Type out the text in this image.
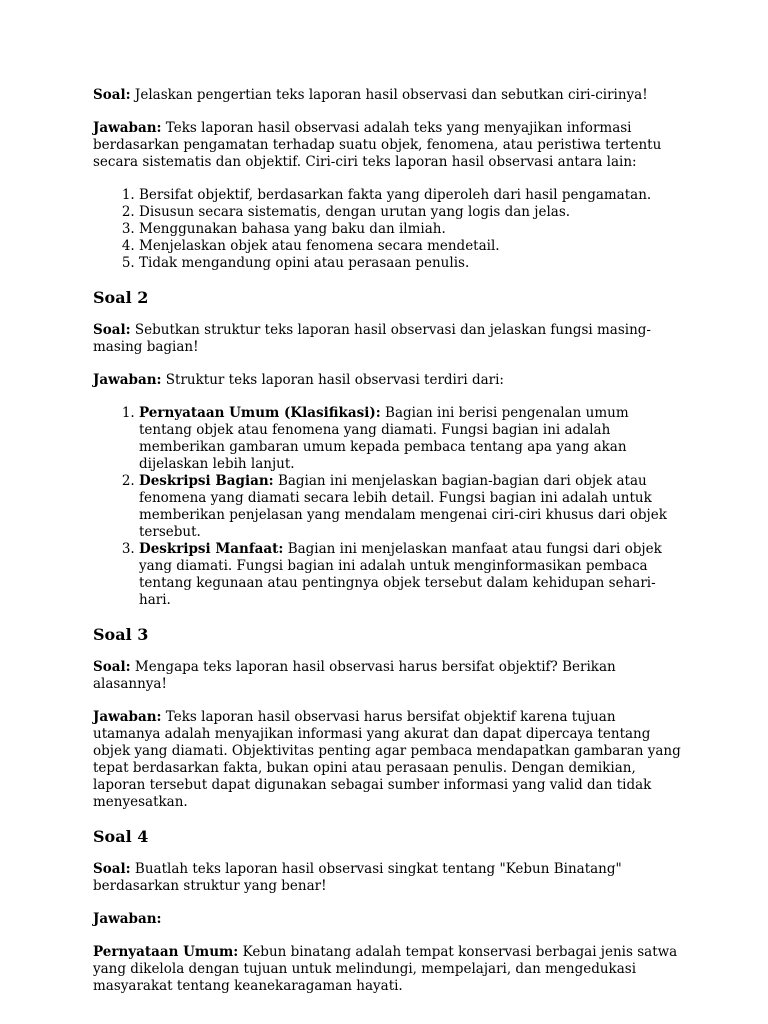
Soal: Jelaskan pengertian teks laporan hasil observasi dan sebutkan ciri-cirinya!

Jawaban: Teks laporan hasil observasi adalah teks yang menyajikan informasi berdasarkan pengamatan terhadap suatu objek, fenomena, atau peristiwa tertentu secara sistematis dan objektif. Ciri-ciri teks laporan hasil observasi antara lain:

1. Bersifat objektif, berdasarkan fakta yang diperoleh dari hasil pengamatan.
2. Disusun secara sistematis, dengan urutan yang logis dan jelas.
3. Menggunakan bahasa yang baku dan ilmiah.
4. Menjelaskan objek atau fenomena secara mendetail.
5. Tidak mengandung opini atau perasaan penulis.
Soal 2

Soal: Sebutkan struktur teks laporan hasil observasi dan jelaskan fungsi masing-masing bagian!

Jawaban: Struktur teks laporan hasil observasi terdiri dari:

1. Pernyataan Umum (Klasifikasi): Bagian ini berisi pengenalan umum tentang objek atau fenomena yang diamati. Fungsi bagian ini adalah memberikan gambaran umum kepada pembaca tentang apa yang akan dijelaskan lebih lanjut.
2. Deskripsi Bagian: Bagian ini menjelaskan bagian-bagian dari objek atau fenomena yang diamati secara lebih detail. Fungsi bagian ini adalah untuk memberikan penjelasan yang mendalam mengenai ciri-ciri khusus dari objek tersebut.
3. Deskripsi Manfaat: Bagian ini menjelaskan manfaat atau fungsi dari objek yang diamati. Fungsi bagian ini adalah untuk menginformasikan pembaca tentang kegunaan atau pentingnya objek tersebut dalam kehidupan sehari-hari.
Soal 3

Soal: Mengapa teks laporan hasil observasi harus bersifat objektif? Berikan alasannya!

Jawaban: Teks laporan hasil observasi harus bersifat objektif karena tujuan utamanya adalah menyajikan informasi yang akurat dan dapat dipercaya tentang objek yang diamati. Objektivitas penting agar pembaca mendapatkan gambaran yang tepat berdasarkan fakta, bukan opini atau perasaan penulis. Dengan demikian, laporan tersebut dapat digunakan sebagai sumber informasi yang valid dan tidak menyesatkan.

Soal 4

Soal: Buatlah teks laporan hasil observasi singkat tentang "Kebun Binatang" berdasarkan struktur yang benar!

Jawaban:

Pernyataan Umum: Kebun binatang adalah tempat konservasi berbagai jenis satwa yang dikelola dengan tujuan untuk melindungi, mempelajari, dan mengedukasi masyarakat tentang keanekaragaman hayati.
